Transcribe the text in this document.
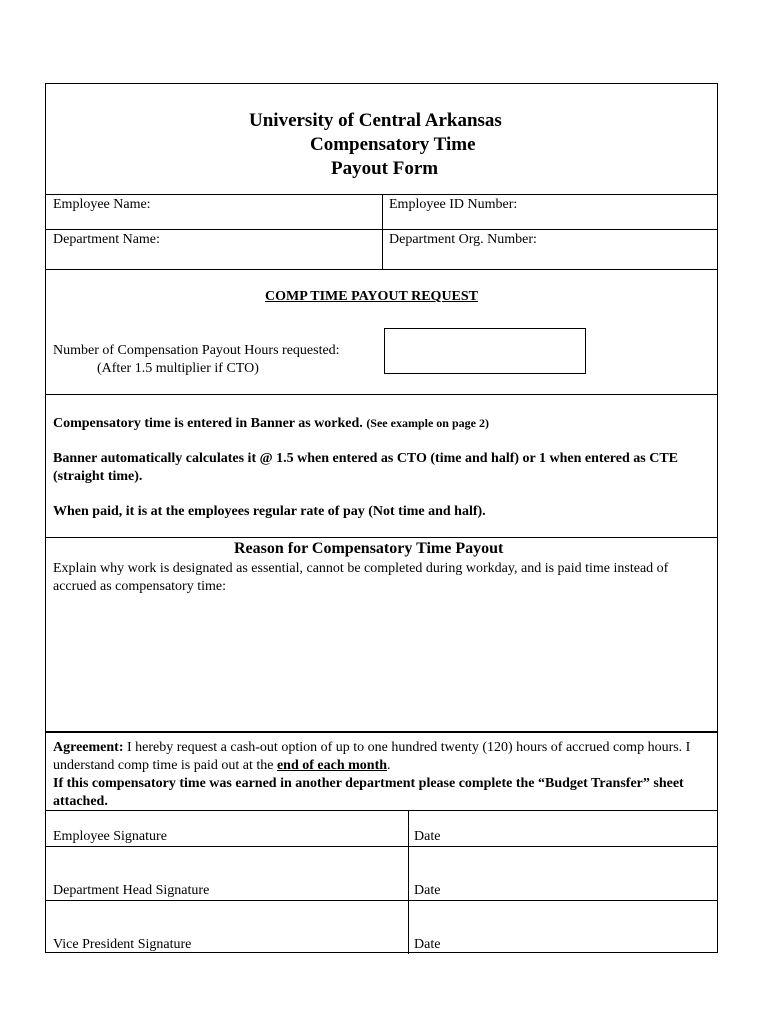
University of Central Arkansas
Compensatory Time
Payout Form
Employee Name:	Employee ID Number:
Department Name:	Department Org. Number:
COMP TIME PAYOUT REQUEST
Number of Compensation Payout Hours requested:
(After 1.5 multiplier if CTO)
Compensatory time is entered in Banner as worked. (See example on page 2)
Banner automatically calculates it @ 1.5 when entered as CTO (time and half) or 1 when entered as CTE (straight time).
When paid, it is at the employees regular rate of pay (Not time and half).
Reason for Compensatory Time Payout
Explain why work is designated as essential, cannot be completed during workday, and is paid time instead of accrued as compensatory time:
Agreement: I hereby request a cash-out option of up to one hundred twenty (120) hours of accrued comp hours. I understand comp time is paid out at the end of each month.
If this compensatory time was earned in another department please complete the “Budget Transfer” sheet attached.
Employee Signature	Date
Department Head Signature	Date
Vice President Signature	Date
